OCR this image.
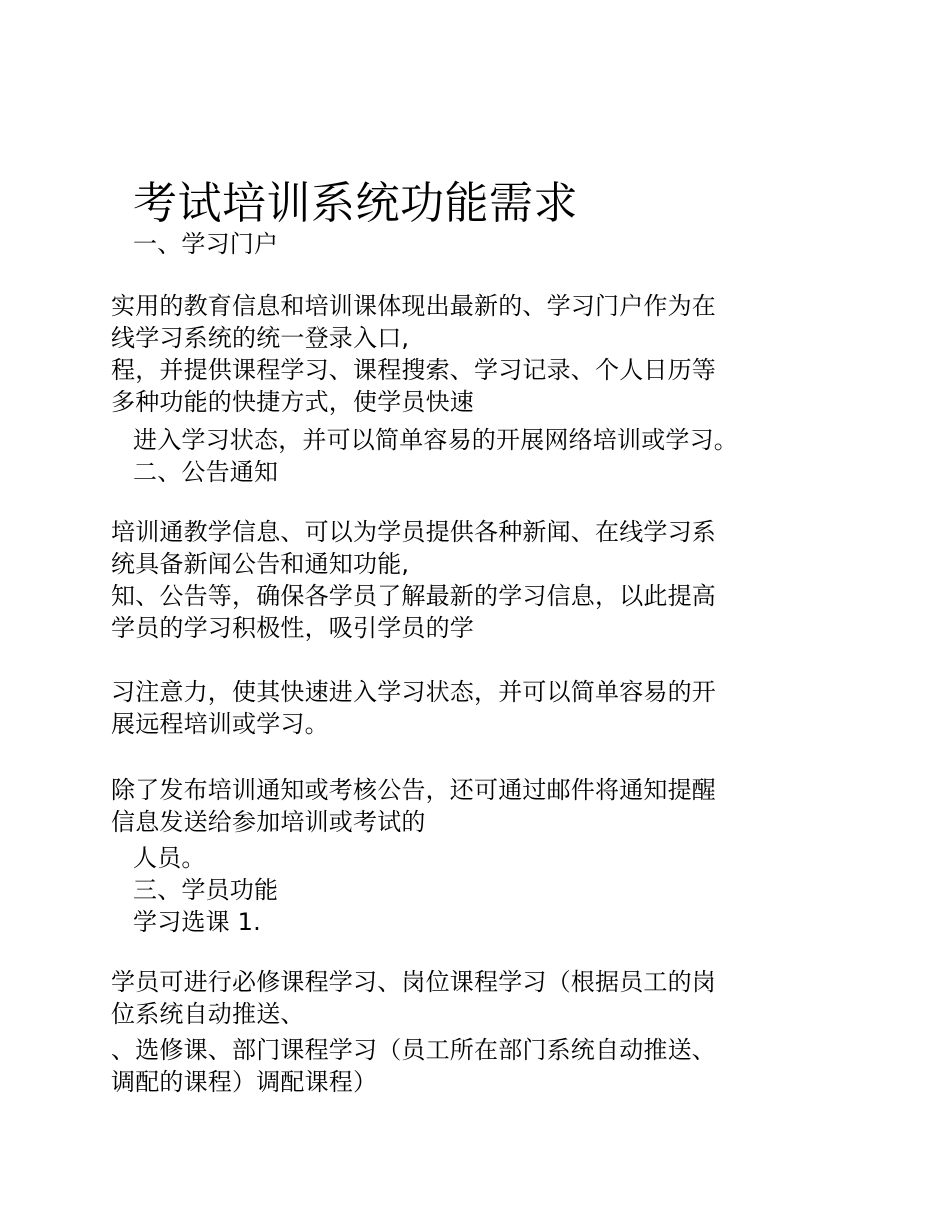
考试培训系统功能需求
一、学习门户
实用的教育信息和培训课体现出最新的、学习门户作为在
线学习系统的统一登录入口,
程，并提供课程学习、课程搜索、学习记录、个人日历等
多种功能的快捷方式，使学员快速
进入学习状态，并可以简单容易的开展网络培训或学习。
二、公告通知
培训通教学信息、可以为学员提供各种新闻、在线学习系
统具备新闻公告和通知功能,
知、公告等，确保各学员了解最新的学习信息，以此提高
学员的学习积极性，吸引学员的学
习注意力，使其快速进入学习状态，并可以简单容易的开
展远程培训或学习。
除了发布培训通知或考核公告，还可通过邮件将通知提醒
信息发送给参加培训或考试的
人员。
三、学员功能
学习选课 1.
学员可进行必修课程学习、岗位课程学习（根据员工的岗
位系统自动推送、
、选修课、部门课程学习（员工所在部门系统自动推送、
调配的课程）调配课程）
